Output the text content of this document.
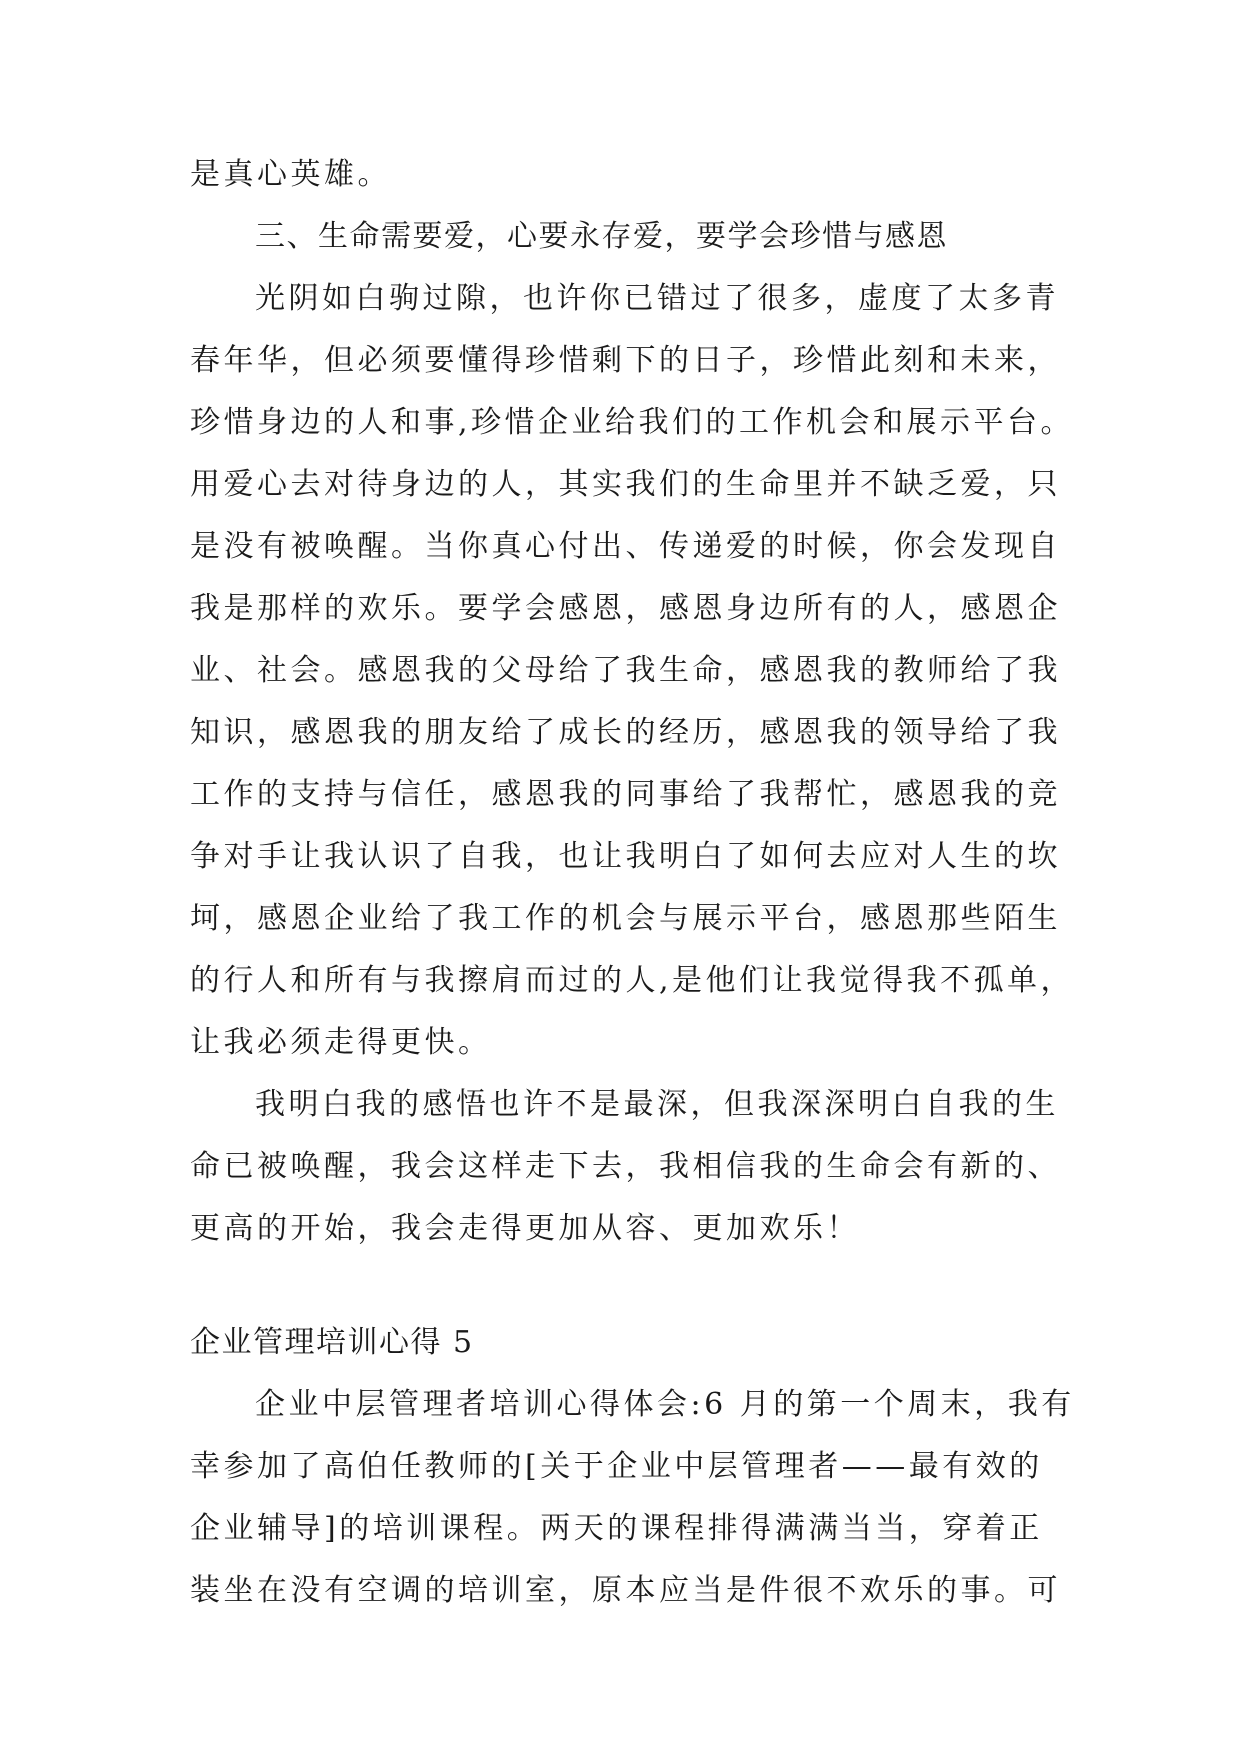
是真心英雄。
三、生命需要爱，心要永存爱，要学会珍惜与感恩
光阴如白驹过隙，也许你已错过了很多，虚度了太多青
春年华，但必须要懂得珍惜剩下的日子，珍惜此刻和未来，
珍惜身边的人和事,珍惜企业给我们的工作机会和展示平台。
用爱心去对待身边的人，其实我们的生命里并不缺乏爱，只
是没有被唤醒。当你真心付出、传递爱的时候，你会发现自
我是那样的欢乐。要学会感恩，感恩身边所有的人，感恩企
业、社会。感恩我的父母给了我生命，感恩我的教师给了我
知识，感恩我的朋友给了成长的经历，感恩我的领导给了我
工作的支持与信任，感恩我的同事给了我帮忙，感恩我的竞
争对手让我认识了自我，也让我明白了如何去应对人生的坎
坷，感恩企业给了我工作的机会与展示平台，感恩那些陌生
的行人和所有与我擦肩而过的人,是他们让我觉得我不孤单，
让我必须走得更快。
我明白我的感悟也许不是最深，但我深深明白自我的生
命已被唤醒，我会这样走下去，我相信我的生命会有新的、
更高的开始，我会走得更加从容、更加欢乐！
企业管理培训心得 5
企业中层管理者培训心得体会:6 月的第一个周末，我有
幸参加了高伯任教师的[关于企业中层管理者——最有效的
企业辅导]的培训课程。两天的课程排得满满当当，穿着正
装坐在没有空调的培训室，原本应当是件很不欢乐的事。可
